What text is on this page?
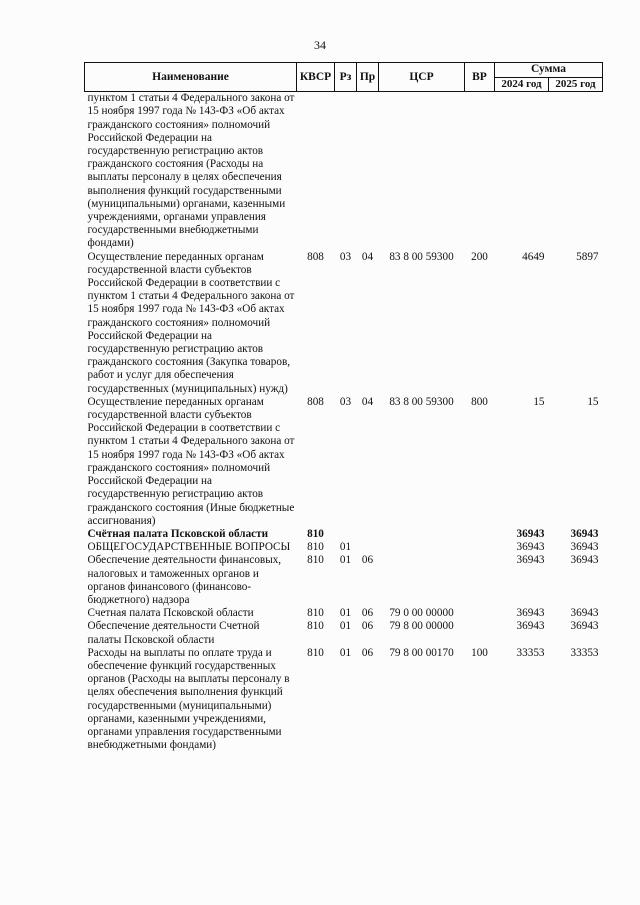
34
Наименование	КВСР	Рз	Пр	ЦСР	ВР	Сумма	
						2024 год	2025 год
пунктом 1 статьи 4 Федерального закона от 15 ноября 1997 года № 143-ФЗ «Об актах гражданского состояния» полномочий Российской Федерации на государственную регистрацию актов гражданского состояния (Расходы на выплаты персоналу в целях обеспечения выполнения функций государственными (муниципальными) органами, казенными учреждениями, органами управления государственными внебюджетными фондами)							
Осуществление переданных органам государственной власти субъектов Российской Федерации в соответствии с пунктом 1 статьи 4 Федерального закона от 15 ноября 1997 года № 143-ФЗ «Об актах гражданского состояния» полномочий Российской Федерации на государственную регистрацию актов гражданского состояния (Закупка товаров, работ и услуг для обеспечения государственных (муниципальных) нужд)	808	03	04	83 8 00 59300	200	4649	5897
Осуществление переданных органам государственной власти субъектов Российской Федерации в соответствии с пунктом 1 статьи 4 Федерального закона от 15 ноября 1997 года № 143-ФЗ «Об актах гражданского состояния» полномочий Российской Федерации на государственную регистрацию актов гражданского состояния (Иные бюджетные ассигнования)	808	03	04	83 8 00 59300	800	15	15
Счётная палата Псковской области	810					36943	36943
ОБЩЕГОСУДАРСТВЕННЫЕ ВОПРОСЫ	810	01				36943	36943
Обеспечение деятельности финансовых, налоговых и таможенных органов и органов финансового (финансово-бюджетного) надзора	810	01	06			36943	36943
Счетная палата Псковской области	810	01	06	79 0 00 00000		36943	36943
Обеспечение деятельности Счетной палаты Псковской области	810	01	06	79 8 00 00000		36943	36943
Расходы на выплаты по оплате труда и обеспечение функций государственных органов (Расходы на выплаты персоналу в целях обеспечения выполнения функций государственными (муниципальными) органами, казенными учреждениями, органами управления государственными внебюджетными фондами)	810	01	06	79 8 00 00170	100	33353	33353
